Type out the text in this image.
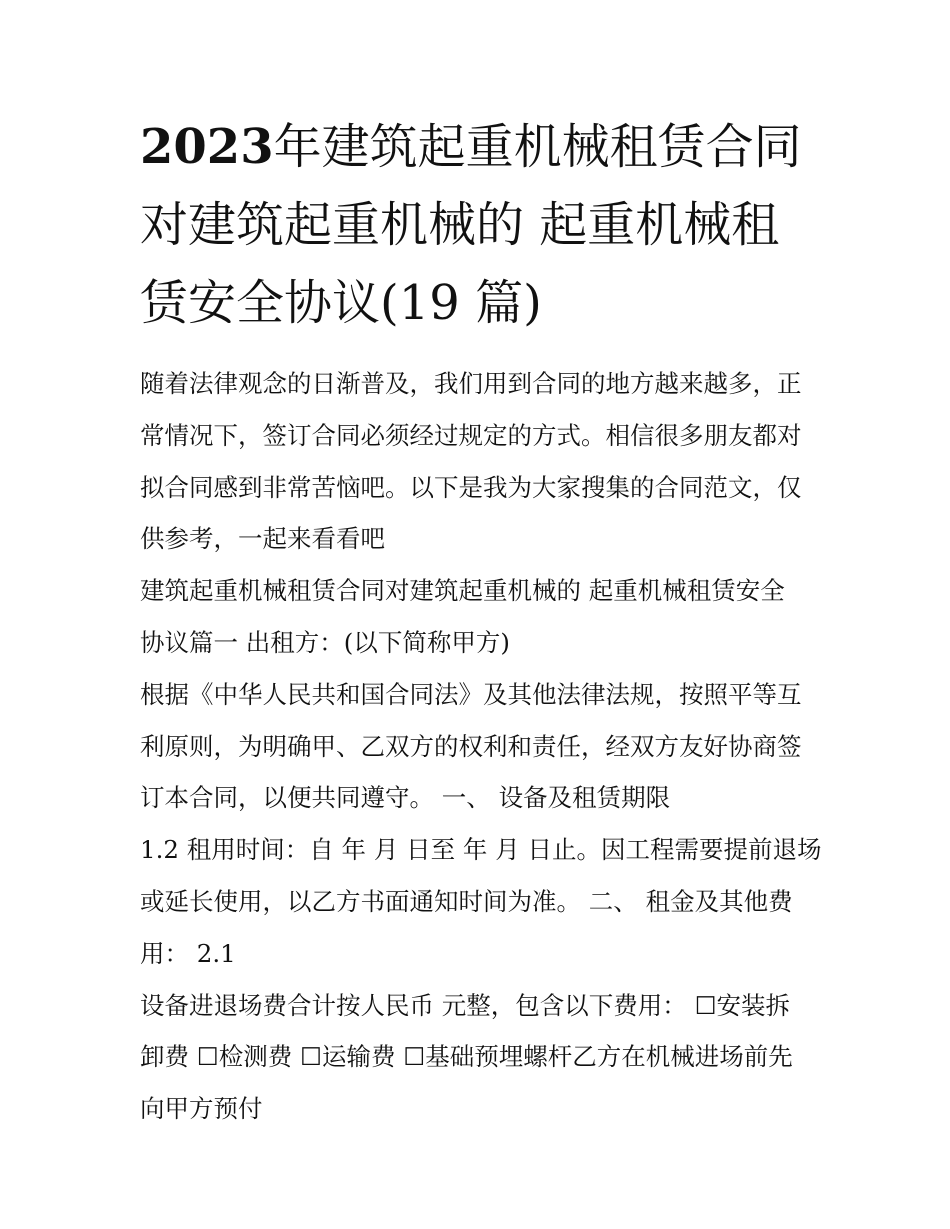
2023年建筑起重机械租赁合同
对建筑起重机械的 起重机械租
赁安全协议(19 篇)
随着法律观念的日渐普及，我们用到合同的地方越来越多，正
常情况下，签订合同必须经过规定的方式。相信很多朋友都对
拟合同感到非常苦恼吧。以下是我为大家搜集的合同范文，仅
供参考，一起来看看吧
建筑起重机械租赁合同对建筑起重机械的 起重机械租赁安全
协议篇一 出租方：(以下简称甲方)
根据《中华人民共和国合同法》及其他法律法规，按照平等互
利原则，为明确甲、乙双方的权利和责任，经双方友好协商签
订本合同，以便共同遵守。 一、 设备及租赁期限
1.2 租用时间：自 年 月 日至 年 月 日止。因工程需要提前退场
或延长使用，以乙方书面通知时间为准。 二、 租金及其他费
用： 2.1
设备进退场费合计按人民币 元整，包含以下费用： ☐安装拆
卸费 ☐检测费 ☐运输费 ☐基础预埋螺杆乙方在机械进场前先
向甲方预付
